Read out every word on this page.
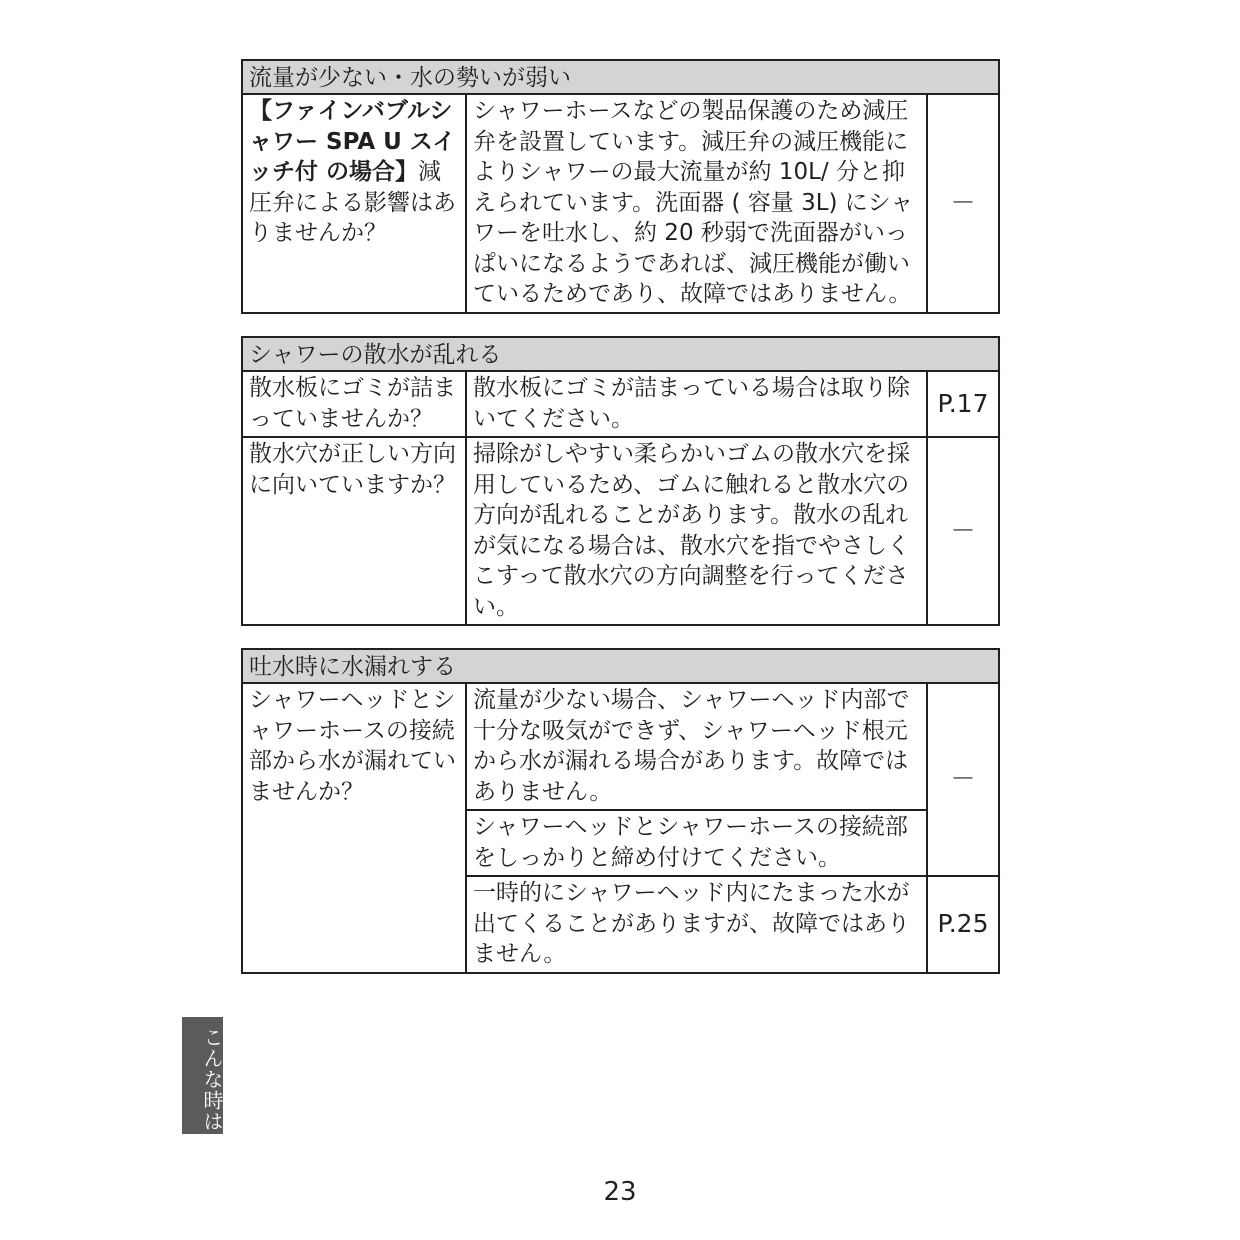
流量が少ない・水の勢いが弱い
【ファインバブルシャワー SPA U スイッチ付 の場合】減圧弁による影響はありませんか？	シャワーホースなどの製品保護のため減圧弁を設置しています。減圧弁の減圧機能によりシャワーの最大流量が約 10L/ 分と抑えられています。洗面器 ( 容量 3L) にシャワーを吐水し、約 20 秒弱で洗面器がいっぱいになるようであれば、減圧機能が働いているためであり、故障ではありません。	－
シャワーの散水が乱れる		
散水板にゴミが詰まっていませんか？	散水板にゴミが詰まっている場合は取り除いてください。	P.17
散水穴が正しい方向に向いていますか？	掃除がしやすい柔らかいゴムの散水穴を採用しているため、ゴムに触れると散水穴の方向が乱れることがあります。散水の乱れが気になる場合は、散水穴を指でやさしくこすって散水穴の方向調整を行ってください。	－
吐水時に水漏れする		
シャワーヘッドとシャワーホースの接続部から水が漏れていませんか？	流量が少ない場合、シャワーヘッド内部で十分な吸気ができず、シャワーヘッド根元から水が漏れる場合があります。故障ではありません。	－
	シャワーヘッドとシャワーホースの接続部をしっかりと締め付けてください。	
	一時的にシャワーヘッド内にたまった水が出てくることがありますが、故障ではありません。	P.25
こんな時は
23
